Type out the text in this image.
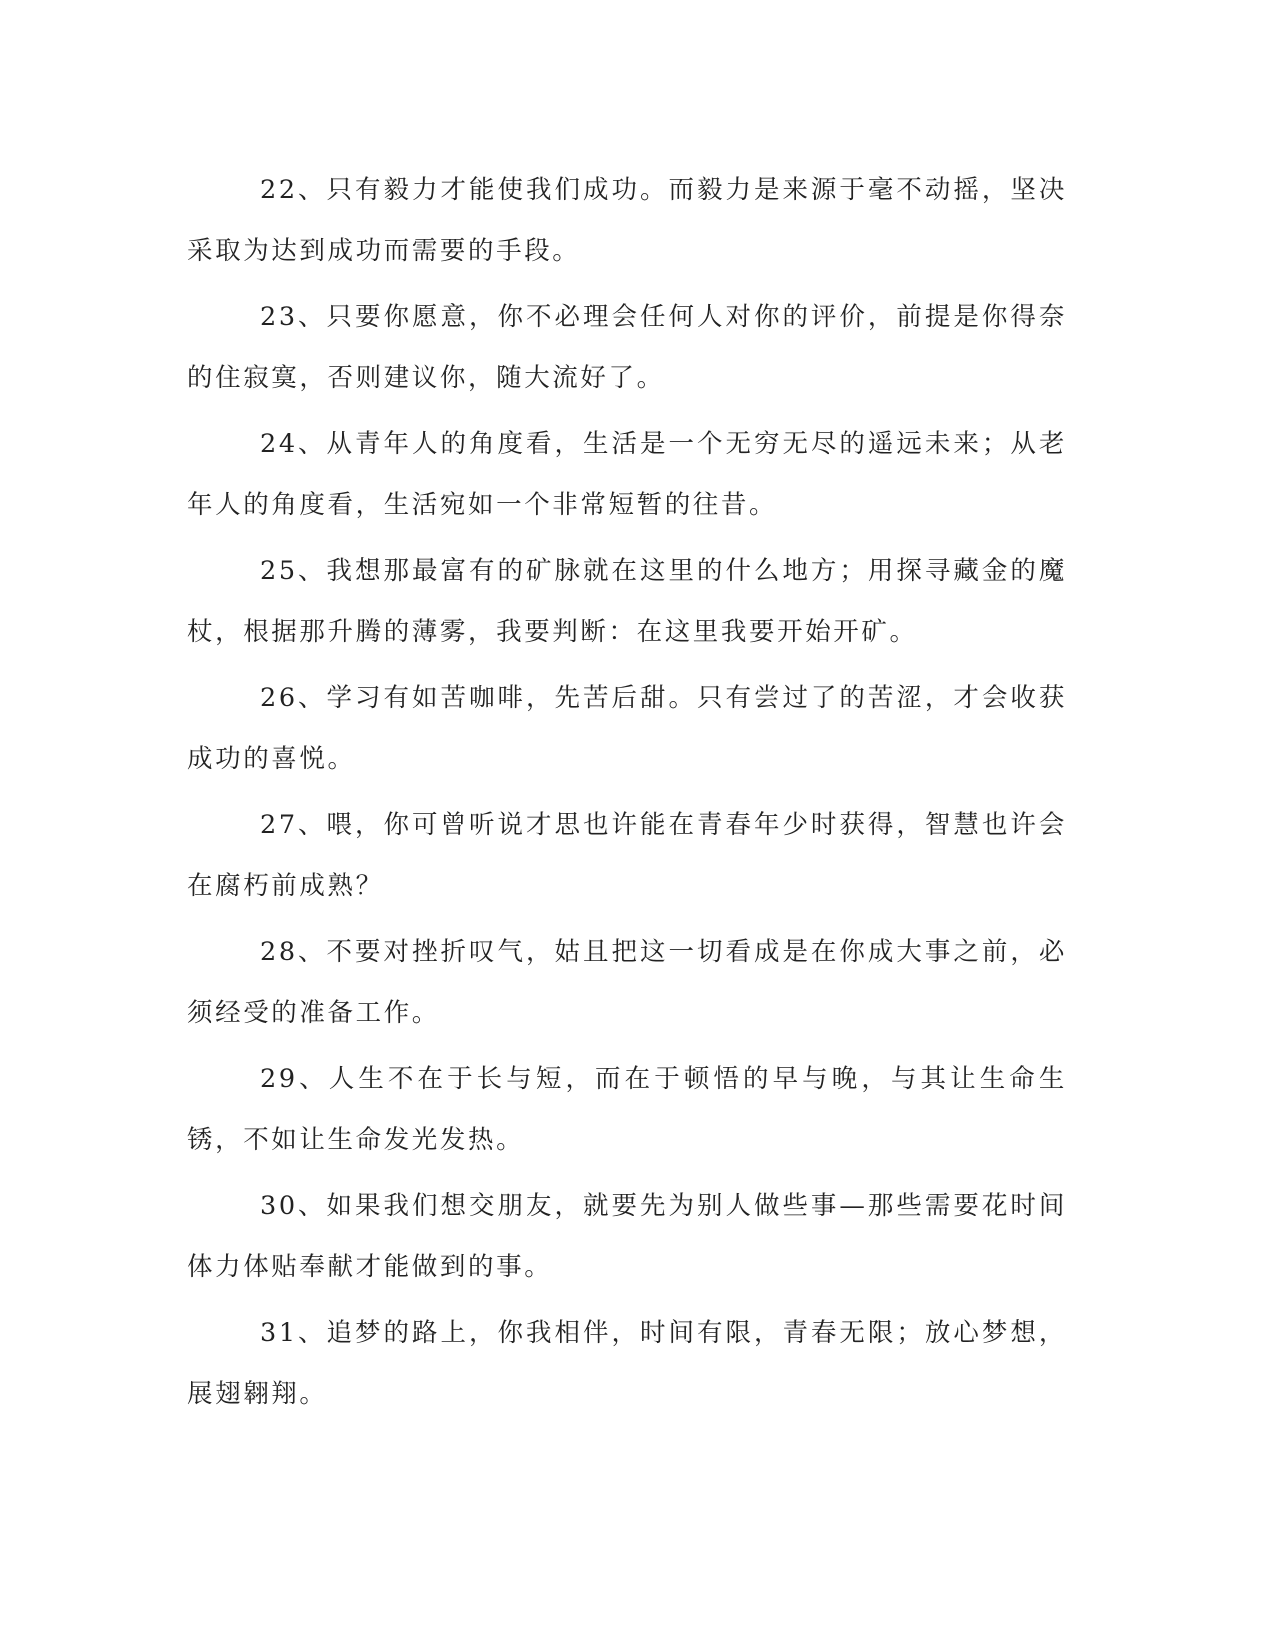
22、只有毅力才能使我们成功。而毅力是来源于毫不动摇，坚决采取为达到成功而需要的手段。

23、只要你愿意，你不必理会任何人对你的评价，前提是你得奈的住寂寞，否则建议你，随大流好了。

24、从青年人的角度看，生活是一个无穷无尽的遥远未来；从老年人的角度看，生活宛如一个非常短暂的往昔。

25、我想那最富有的矿脉就在这里的什么地方；用探寻藏金的魔杖，根据那升腾的薄雾，我要判断：在这里我要开始开矿。

26、学习有如苦咖啡，先苦后甜。只有尝过了的苦涩，才会收获成功的喜悦。

27、喂，你可曾听说才思也许能在青春年少时获得，智慧也许会在腐朽前成熟？

28、不要对挫折叹气，姑且把这一切看成是在你成大事之前，必须经受的准备工作。

29、人生不在于长与短，而在于顿悟的早与晚，与其让生命生锈，不如让生命发光发热。

30、如果我们想交朋友，就要先为别人做些事—那些需要花时间体力体贴奉献才能做到的事。

31、追梦的路上，你我相伴，时间有限，青春无限；放心梦想，展翅翱翔。
